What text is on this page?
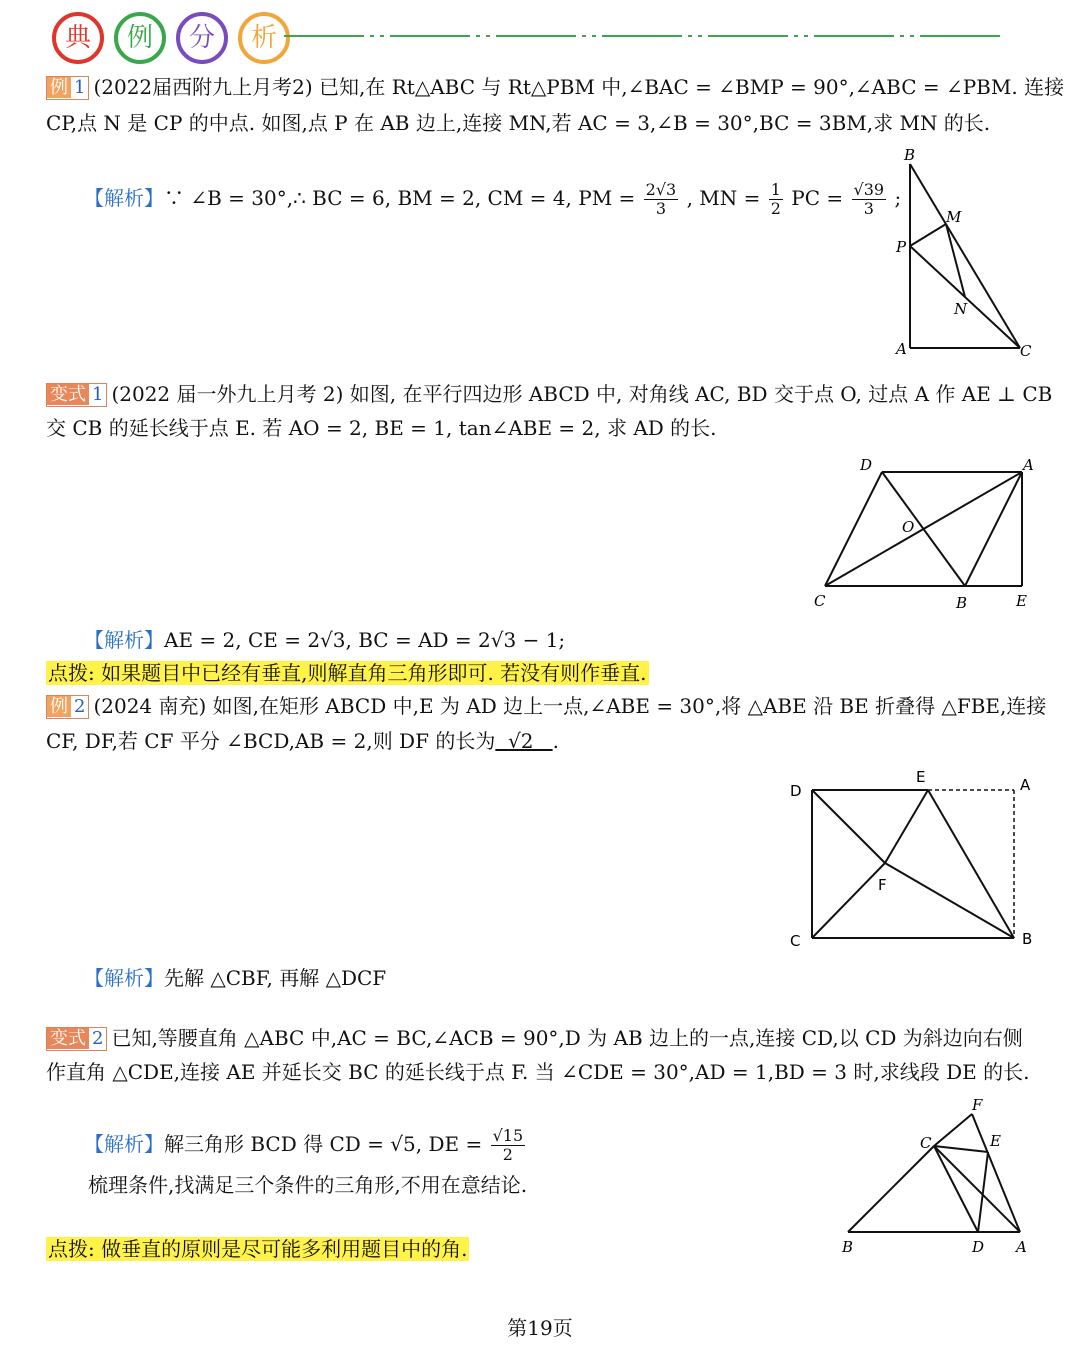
典	例	分	析
例 1 (2022届西附九上月考2) 已知,在 Rt△ABC 与 Rt△PBM 中,∠BAC = ∠BMP = 90°,∠ABC = ∠PBM. 连接
CP,点 N 是 CP 的中点. 如图,点 P 在 AB 边上,连接 MN,若 AC = 3,∠B = 30°,BC = 3BM,求 MN 的长.
【解析】∵ ∠B = 30°,∴ BC = 6, BM = 2, CM = 4, PM = $\frac{2√3}{3}$ , MN = $\frac{1}{2}$ PC = $\frac{√39}{3}$ ;
B
M
P
N
A	C
变式 1 (2022 届一外九上月考 2) 如图, 在平行四边形 ABCD 中, 对角线 AC, BD 交于点 O, 过点 A 作 AE ⊥ CB
交 CB 的延长线于点 E. 若 AO = 2, BE = 1, tan∠ABE = 2, 求 AD 的长.
D	A
O
C	B	E
【解析】AE = 2, CE = 2√3, BC = AD = 2√3 − 1;
点拨: 如果题目中已经有垂直,则解直角三角形即可. 若没有则作垂直.
例 2 (2024 南充) 如图,在矩形 ABCD 中,E 为 AD 边上一点,∠ABE = 30°,将 △ABE 沿 BE 折叠得 △FBE,连接
CF, DF,若 CF 平分 ∠BCD,AB = 2,则 DF 的长为 √2 .
D
E	A
F
C	B
【解析】先解 △CBF, 再解 △DCF
变式 2 已知,等腰直角 △ABC 中,AC = BC,∠ACB = 90°,D 为 AB 边上的一点,连接 CD,以 CD 为斜边向右侧
作直角 △CDE,连接 AE 并延长交 BC 的延长线于点 F. 当 ∠CDE = 30°,AD = 1,BD = 3 时,求线段 DE 的长.
【解析】解三角形 BCD 得 CD = √5, DE = $\frac{√15}{2}$
梳理条件,找满足三个条件的三角形,不用在意结论.
点拨: 做垂直的原则是尽可能多利用题目中的角.
F
C	E
B	D A
第19页
